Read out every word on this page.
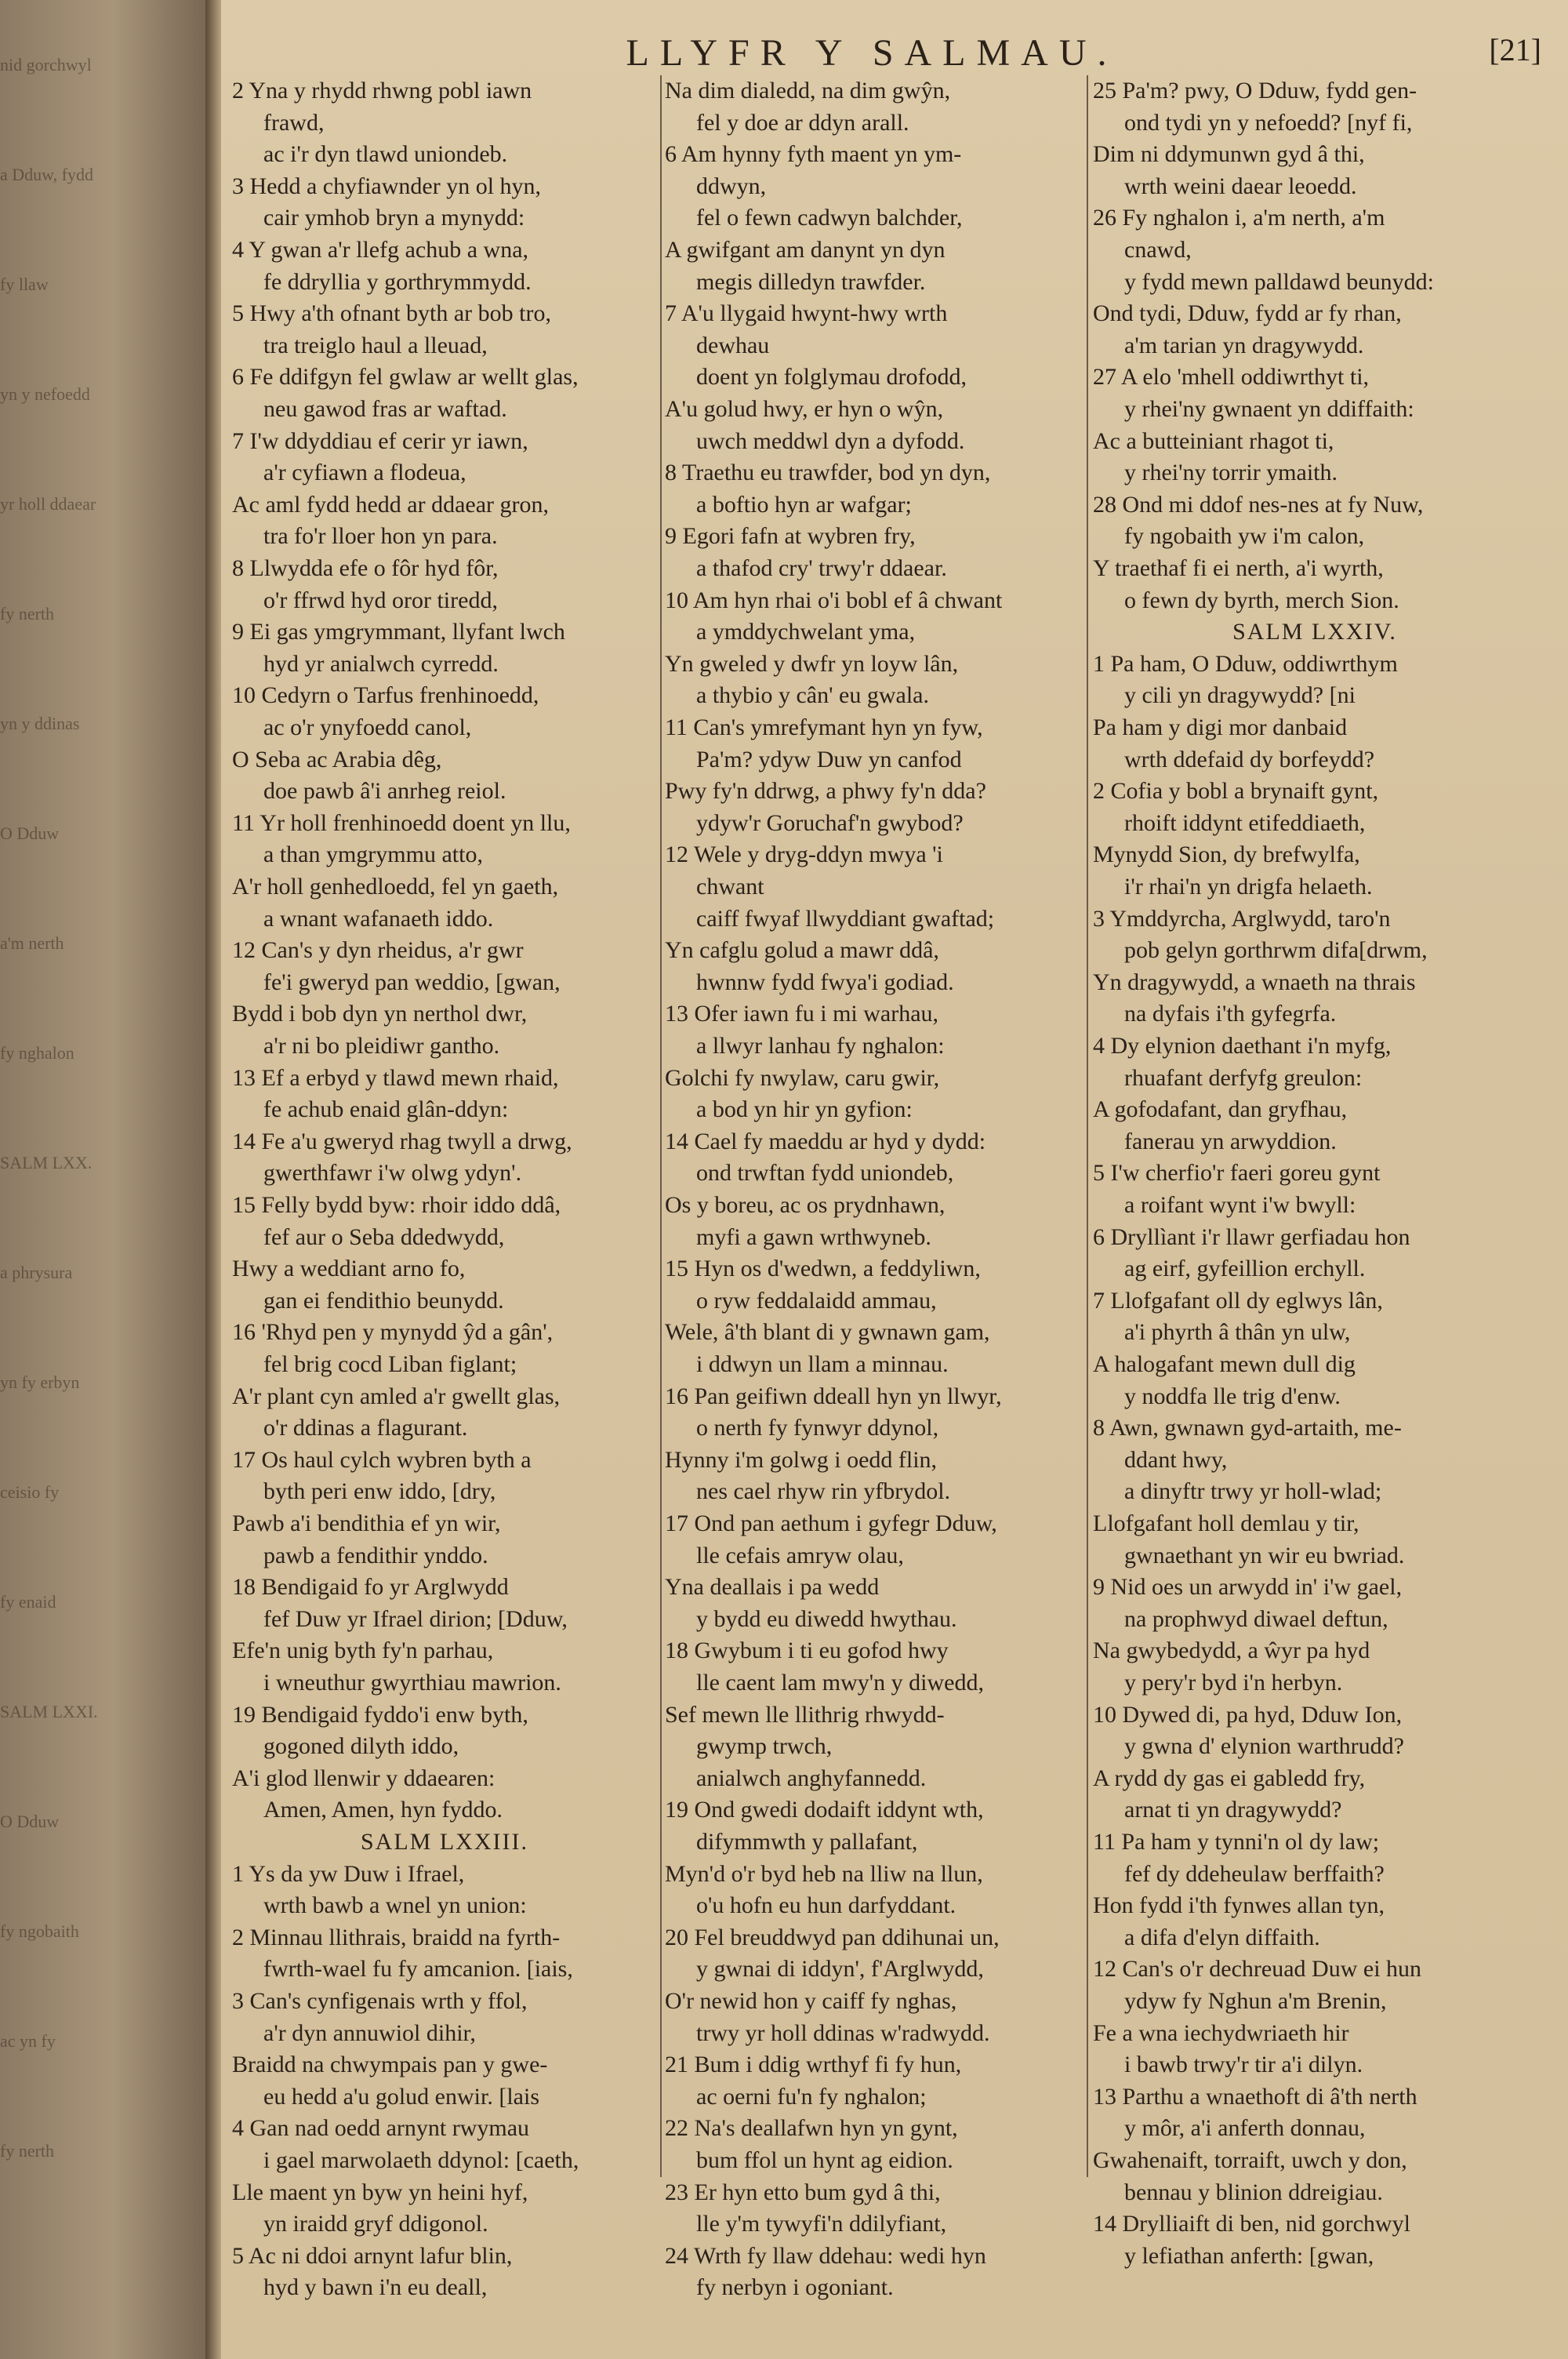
nid gorchwyl
a Dduw, fydd
fy llaw
yn y nefoedd
yr holl ddaear
fy nerth
yn y ddinas
O Dduw
a'm nerth
fy nghalon
SALM LXX.
a phrysura
yn fy erbyn
ceisio fy
fy enaid
SALM LXXI.
O Dduw
fy ngobaith
ac yn fy
fy nerth
LLYFR Y SALMAU.	[21]
2 Yna y rhydd rhwng pobl iawn
frawd,
ac i'r dyn tlawd uniondeb.
3 Hedd a chyfiawnder yn ol hyn,
cair ymhob bryn a mynydd:
4 Y gwan a'r llefg achub a wna,
fe ddryllia y gorthrymmydd.
5 Hwy a'th ofnant byth ar bob tro,
tra treiglo haul a lleuad,
6 Fe ddifgyn fel gwlaw ar wellt glas,
neu gawod fras ar waftad.
7 I'w ddyddiau ef cerir yr iawn,
a'r cyfiawn a flodeua,
Ac aml fydd hedd ar ddaear gron,
tra fo'r lloer hon yn para.
8 Llwydda efe o fôr hyd fôr,
o'r ffrwd hyd oror tiredd,
9 Ei gas ymgrymmant, llyfant lwch
hyd yr anialwch cyrredd.
10 Cedyrn o Tarfus frenhinoedd,
ac o'r ynyfoedd canol,
O Seba ac Arabia dêg,
doe pawb â'i anrheg reiol.
11 Yr holl frenhinoedd doent yn llu,
a than ymgrymmu atto,
A'r holl genhedloedd, fel yn gaeth,
a wnant wafanaeth iddo.
12 Can's y dyn rheidus, a'r gwr
fe'i gweryd pan weddio, [gwan,
Bydd i bob dyn yn nerthol dwr,
a'r ni bo pleidiwr gantho.
13 Ef a erbyd y tlawd mewn rhaid,
fe achub enaid glân-ddyn:
14 Fe a'u gweryd rhag twyll a drwg,
gwerthfawr i'w olwg ydyn'.
15 Felly bydd byw: rhoir iddo ddâ,
fef aur o Seba ddedwydd,
Hwy a weddiant arno fo,
gan ei fendithio beunydd.
16 'Rhyd pen y mynydd ŷd a gân',
fel brig cocd Liban figlant;
A'r plant cyn amled a'r gwellt glas,
o'r ddinas a flagurant.
17 Os haul cylch wybren byth a
byth peri enw iddo, [dry,
Pawb a'i bendithia ef yn wir,
pawb a fendithir ynddo.
18 Bendigaid fo yr Arglwydd
fef Duw yr Ifrael dirion; [Dduw,
Efe'n unig byth fy'n parhau,
i wneuthur gwyrthiau mawrion.
19 Bendigaid fyddo'i enw byth,
gogoned dilyth iddo,
A'i glod llenwir y ddaearen:
Amen, Amen, hyn fyddo.
SALM LXXIII.
1 Ys da yw Duw i Ifrael,
wrth bawb a wnel yn union:
2 Minnau llithrais, braidd na fyrth-
fwrth-wael fu fy amcanion. [iais,
3 Can's cynfigenais wrth y ffol,
a'r dyn annuwiol dihir,
Braidd na chwympais pan y gwe-
eu hedd a'u golud enwir. [lais
4 Gan nad oedd arnynt rwymau
i gael marwolaeth ddynol: [caeth,
Lle maent yn byw yn heini hyf,
yn iraidd gryf ddigonol.
5 Ac ni ddoi arnynt lafur blin,
hyd y bawn i'n eu deall,
Na dim dialedd, na dim gwŷn,
fel y doe ar ddyn arall.
6 Am hynny fyth maent yn ym-
ddwyn,
fel o fewn cadwyn balchder,
A gwifgant am danynt yn dyn
megis dilledyn trawfder.
7 A'u llygaid hwynt-hwy wrth
dewhau
doent yn folglymau drofodd,
A'u golud hwy, er hyn o wŷn,
uwch meddwl dyn a dyfodd.
8 Traethu eu trawfder, bod yn dyn,
a boftio hyn ar wafgar;
9 Egori fafn at wybren fry,
a thafod cry' trwy'r ddaear.
10 Am hyn rhai o'i bobl ef â chwant
a ymddychwelant yma,
Yn gweled y dwfr yn loyw lân,
a thybio y cân' eu gwala.
11 Can's ymrefymant hyn yn fyw,
Pa'm? ydyw Duw yn canfod
Pwy fy'n ddrwg, a phwy fy'n dda?
ydyw'r Goruchaf'n gwybod?
12 Wele y dryg-ddyn mwya 'i
chwant
caiff fwyaf llwyddiant gwaftad;
Yn cafglu golud a mawr ddâ,
hwnnw fydd fwya'i godiad.
13 Ofer iawn fu i mi warhau,
a llwyr lanhau fy nghalon:
Golchi fy nwylaw, caru gwir,
a bod yn hir yn gyfion:
14 Cael fy maeddu ar hyd y dydd:
ond trwftan fydd uniondeb,
Os y boreu, ac os prydnhawn,
myfi a gawn wrthwyneb.
15 Hyn os d'wedwn, a feddyliwn,
o ryw feddalaidd ammau,
Wele, â'th blant di y gwnawn gam,
i ddwyn un llam a minnau.
16 Pan geifiwn ddeall hyn yn llwyr,
o nerth fy fynwyr ddynol,
Hynny i'm golwg i oedd flin,
nes cael rhyw rin yfbrydol.
17 Ond pan aethum i gyfegr Dduw,
lle cefais amryw olau,
Yna deallais i pa wedd
y bydd eu diwedd hwythau.
18 Gwybum i ti eu gofod hwy
lle caent lam mwy'n y diwedd,
Sef mewn lle llithrig rhwydd-
gwymp trwch,
anialwch anghyfannedd.
19 Ond gwedi dodaift iddynt wth,
difymmwth y pallafant,
Myn'd o'r byd heb na lliw na llun,
o'u hofn eu hun darfyddant.
20 Fel breuddwyd pan ddihunai un,
y gwnai di iddyn', f'Arglwydd,
O'r newid hon y caiff fy nghas,
trwy yr holl ddinas w'radwydd.
21 Bum i ddig wrthyf fi fy hun,
ac oerni fu'n fy nghalon;
22 Na's deallafwn hyn yn gynt,
bum ffol un hynt ag eidion.
23 Er hyn etto bum gyd â thi,
lle y'm tywyfi'n ddilyfiant,
24 Wrth fy llaw ddehau: wedi hyn
fy nerbyn i ogoniant.
25 Pa'm? pwy, O Dduw, fydd gen-
ond tydi yn y nefoedd? [nyf fi,
Dim ni ddymunwn gyd â thi,
wrth weini daear leoedd.
26 Fy nghalon i, a'm nerth, a'm
cnawd,
y fydd mewn palldawd beunydd:
Ond tydi, Dduw, fydd ar fy rhan,
a'm tarian yn dragywydd.
27 A elo 'mhell oddiwrthyt ti,
y rhei'ny gwnaent yn ddiffaith:
Ac a butteiniant rhagot ti,
y rhei'ny torrir ymaith.
28 Ond mi ddof nes-nes at fy Nuw,
fy ngobaith yw i'm calon,
Y traethaf fi ei nerth, a'i wyrth,
o fewn dy byrth, merch Sion.
SALM LXXIV.
1 Pa ham, O Dduw, oddiwrthym
y cili yn dragywydd? [ni
Pa ham y digi mor danbaid
wrth ddefaid dy borfeydd?
2 Cofia y bobl a brynaift gynt,
rhoift iddynt etifeddiaeth,
Mynydd Sion, dy brefwylfa,
i'r rhai'n yn drigfa helaeth.
3 Ymddyrcha, Arglwydd, taro'n
pob gelyn gorthrwm difa[drwm,
Yn dragywydd, a wnaeth na thrais
na dyfais i'th gyfegrfa.
4 Dy elynion daethant i'n myfg,
rhuafant derfyfg greulon:
A gofodafant, dan gryfhau,
fanerau yn arwyddion.
5 I'w cherfio'r faeri goreu gynt
a roifant wynt i'w bwyll:
6 Dryllìant i'r llawr gerfiadau hon
ag eirf, gyfeillion erchyll.
7 Llofgafant oll dy eglwys lân,
a'i phyrth â thân yn ulw,
A halogafant mewn dull dig
y noddfa lle trig d'enw.
8 Awn, gwnawn gyd-artaith, me-
ddant hwy,
a dinyftr trwy yr holl-wlad;
Llofgafant holl demlau y tir,
gwnaethant yn wir eu bwriad.
9 Nid oes un arwydd in' i'w gael,
na prophwyd diwael deftun,
Na gwybedydd, a ŵyr pa hyd
y pery'r byd i'n herbyn.
10 Dywed di, pa hyd, Dduw Ion,
y gwna d' elynion warthrudd?
A rydd dy gas ei gabledd fry,
arnat ti yn dragywydd?
11 Pa ham y tynni'n ol dy law;
fef dy ddeheulaw berffaith?
Hon fydd i'th fynwes allan tyn,
a difa d'elyn diffaith.
12 Can's o'r dechreuad Duw ei hun
ydyw fy Nghun a'm Brenin,
Fe a wna iechydwriaeth hir
i bawb trwy'r tir a'i dilyn.
13 Parthu a wnaethoft di â'th nerth
y môr, a'i anferth donnau,
Gwahenaift, torraift, uwch y don,
bennau y blinion ddreigiau.
14 Drylliaift di ben, nid gorchwyl
y lefiathan anferth: [gwan,
